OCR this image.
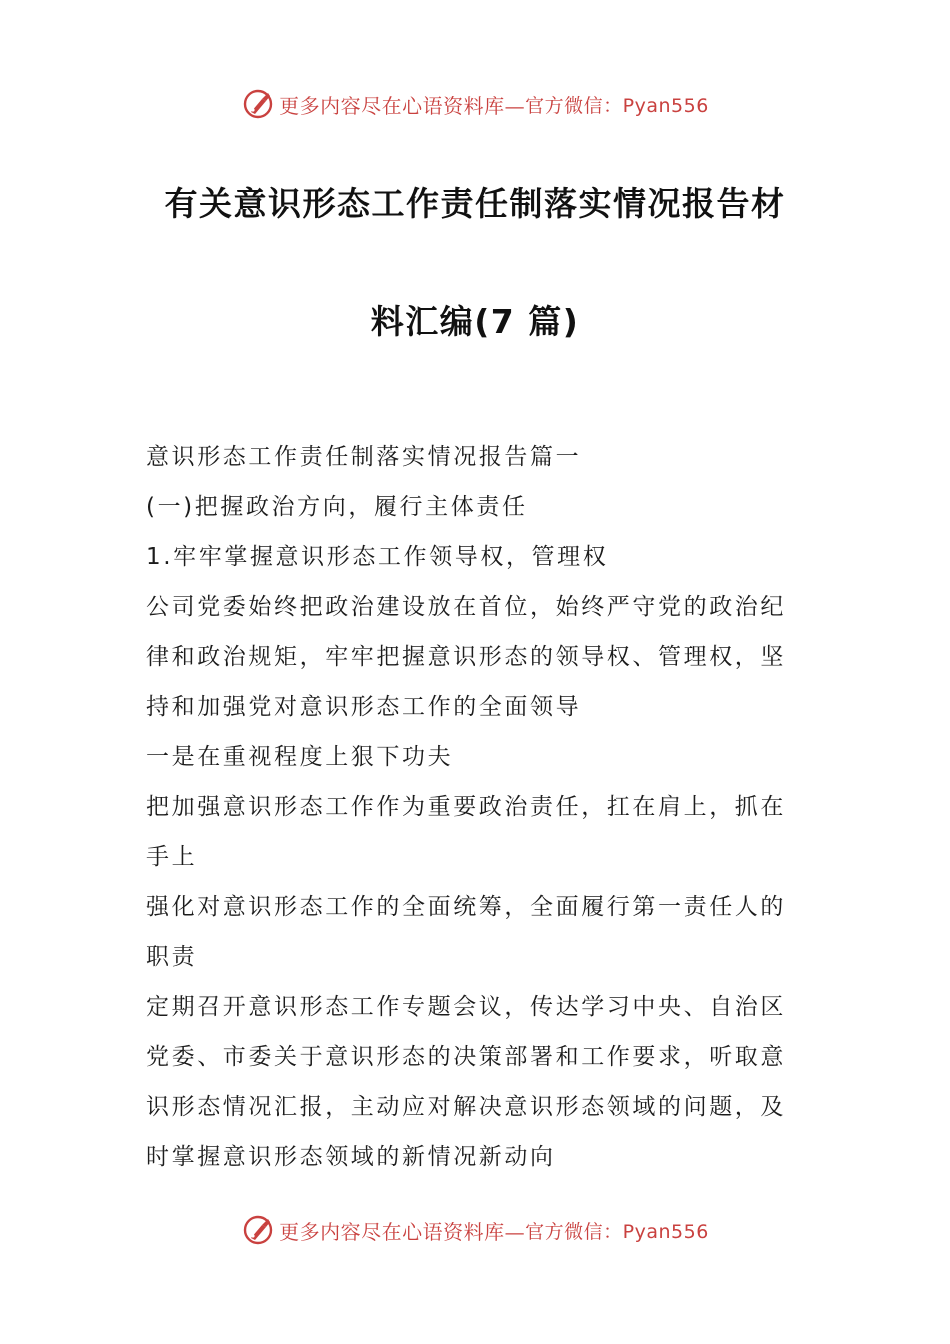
更多内容尽在心语资料库— 官方微信：Pyan556
有关意识形态工作责任制落实情况报告材
料汇编(7 篇)
意识形态工作责任制落实情况报告篇一
(一)把握政治方向，履行主体责任
1.牢牢掌握意识形态工作领导权，管理权
公司党委始终把政治建设放在首位，始终严守党的政治纪
律和政治规矩，牢牢把握意识形态的领导权、管理权，坚
持和加强党对意识形态工作的全面领导
一是在重视程度上狠下功夫
把加强意识形态工作作为重要政治责任，扛在肩上，抓在
手上
强化对意识形态工作的全面统筹，全面履行第一责任人的
职责
定期召开意识形态工作专题会议，传达学习中央、自治区
党委、市委关于意识形态的决策部署和工作要求，听取意
识形态情况汇报，主动应对解决意识形态领域的问题，及
时掌握意识形态领域的新情况新动向
更多内容尽在心语资料库— 官方微信：Pyan556
